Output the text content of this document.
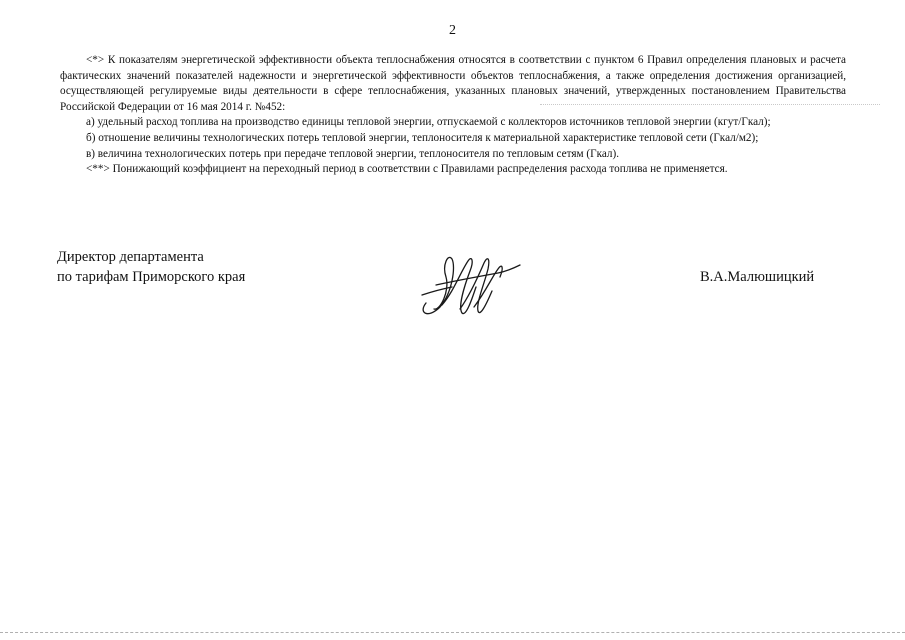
2

<*> К показателям энергетической эффективности объекта теплоснабжения относятся в соответствии с пунктом 6 Правил определения плановых и расчета фактических значений показателей надежности и энергетической эффективности объектов теплоснабжения, а также определения достижения организацией, осуществляющей регулируемые виды деятельности в сфере теплоснабжения, указанных плановых значений, утвержденных постановлением Правительства Российской Федерации от 16 мая 2014 г. №452:

а) удельный расход топлива на производство единицы тепловой энергии, отпускаемой с коллекторов источников тепловой энергии (кгут/Гкал);

б) отношение величины технологических потерь тепловой энергии, теплоносителя к материальной характеристике тепловой сети (Гкал/м2);

в) величина технологических потерь при передаче тепловой энергии, теплоносителя по тепловым сетям (Гкал).

<**> Понижающий коэффициент на переходный период в соответствии с Правилами распределения расхода топлива не применяется.

Директор департамента
по тарифам Приморского края	В.А.Малюшицкий
